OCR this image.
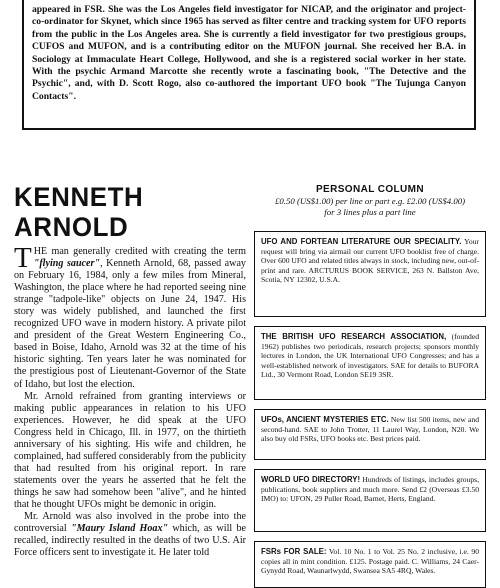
appeared in FSR. She was the Los Angeles field investigator for NICAP, and the originator and project-co-ordinator for Skynet, which since 1965 has served as filter centre and tracking system for UFO reports from the public in the Los Angeles area. She is currently a field investigator for two prestigious groups, CUFOS and MUFON, and is a contributing editor on the MUFON journal. She received her B.A. in Sociology at Immaculate Heart College, Hollywood, and she is a registered social worker in her state. With the psychic Armand Marcotte she recently wrote a fascinating book, "The Detective and the Psychic", and, with D. Scott Rogo, also co-authored the important UFO book "The Tujunga Canyon Contacts".

KENNETH ARNOLD

THE man generally credited with creating the term "flying saucer", Kenneth Arnold, 68, passed away on February 16, 1984, only a few miles from Mineral, Washington, the place where he had reported seeing nine strange "tadpole-like" objects on June 24, 1947. His story was widely published, and launched the first recognized UFO wave in modern history. A private pilot and president of the Great Western Engineering Co., based in Boise, Idaho, Arnold was 32 at the time of his historic sighting. Ten years later he was nominated for the prestigious post of Lieutenant-Governor of the State of Idaho, but lost the election.

Mr. Arnold refrained from granting interviews or making public appearances in relation to his UFO experiences. However, he did speak at the UFO Congress held in Chicago, Ill. in 1977, on the thirtieth anniversary of his sighting. His wife and children, he complained, had suffered considerably from the publicity that had resulted from his original report. In rare statements over the years he asserted that he felt the things he saw had somehow been "alive", and he hinted that he thought UFOs might be demonic in origin.

Mr. Arnold was also involved in the probe into the controversial "Maury Island Hoax" which, as will be recalled, indirectly resulted in the deaths of two U.S. Air Force officers sent to investigate it. He later told

PERSONAL COLUMN
£0.50 (US$1.00) per line or part e.g. £2.00 (US$4.00)
for 3 lines plus a part line
UFO AND FORTEAN LITERATURE OUR SPECIALITY. Your request will bring via airmail our current UFO booklist free of charge. Over 600 UFO and related titles always in stock, including new, out-of-print and rare. ARCTURUS BOOK SERVICE, 263 N. Ballston Ave, Scotia, NY 12302, U.S.A.
THE BRITISH UFO RESEARCH ASSOCIATION, (founded 1962) publishes two periodicals, research projects; sponsors monthly lectures in London, the UK International UFO Congresses; and has a well-established network of investigators. SAE for details to BUFORA Ltd., 30 Vermont Road, London SE19 3SR.
UFOs, ANCIENT MYSTERIES ETC. New list 500 items, new and second-hand. SAE to John Trotter, 11 Laurel Way, London, N20. We also buy old FSRs, UFO books etc. Best prices paid.
WORLD UFO DIRECTORY! Hundreds of listings, includes groups, publications, book suppliers and much more. Send £2 (Overseas £3.50 IMO) to: UFON, 29 Puller Road, Barnet, Herts, England.
FSRs FOR SALE: Vol. 10 No. 1 to Vol. 25 No. 2 inclusive, i.e. 90 copies all in mint condition. £125. Postage paid. C. Williams, 24 Caer-Gynydd Road, Waunarlwydd, Swansea SA5 4RQ, Wales.
